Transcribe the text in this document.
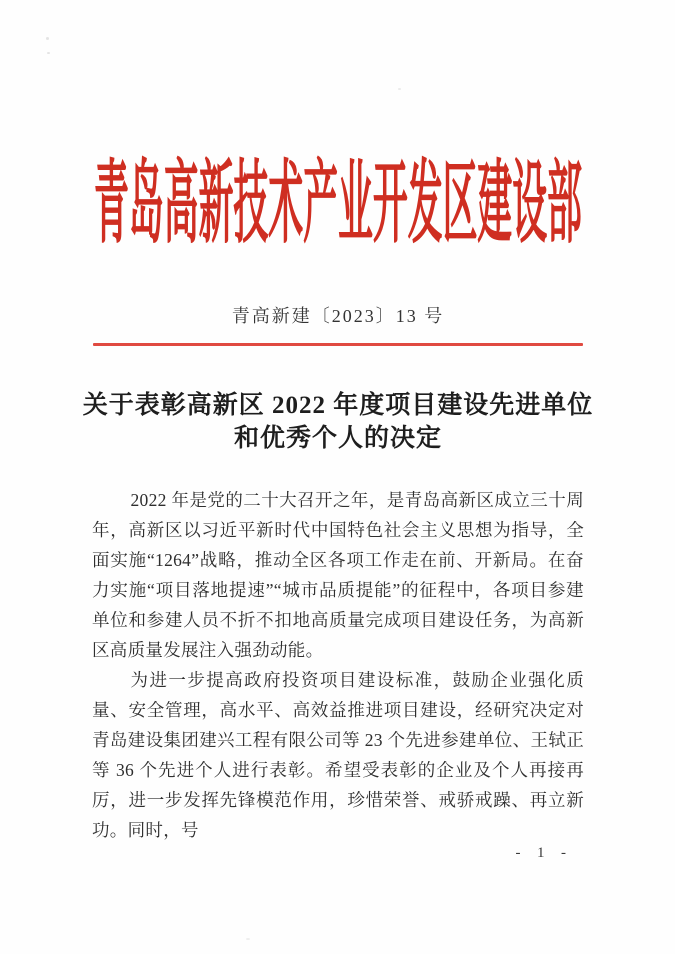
青岛高新技术产业开发区建设部
青高新建〔2023〕13 号
关于表彰高新区 2022 年度项目建设先进单位
和优秀个人的决定

2022 年是党的二十大召开之年，是青岛高新区成立三十周年，高新区以习近平新时代中国特色社会主义思想为指导，全面实施“1264”战略，推动全区各项工作走在前、开新局。在奋力实施“项目落地提速”“城市品质提能”的征程中，各项目参建单位和参建人员不折不扣地高质量完成项目建设任务，为高新区高质量发展注入强劲动能。

为进一步提高政府投资项目建设标准，鼓励企业强化质量、安全管理，高水平、高效益推进项目建设，经研究决定对青岛建设集团建兴工程有限公司等 23 个先进参建单位、王轼正等 36 个先进个人进行表彰。希望受表彰的企业及个人再接再厉，进一步发挥先锋模范作用，珍惜荣誉、戒骄戒躁、再立新功。同时，号

-  1  -
